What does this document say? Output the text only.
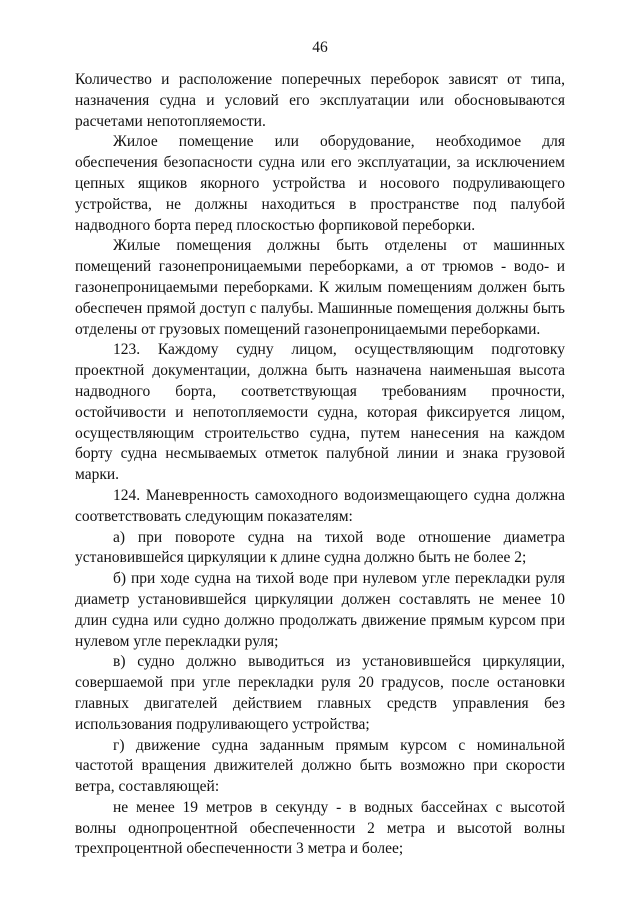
46

Количество и расположение поперечных переборок зависят от типа, назначения судна и условий его эксплуатации или обосновываются расчетами непотопляемости.

Жилое помещение или оборудование, необходимое для обеспечения безопасности судна или его эксплуатации, за исключением цепных ящиков якорного устройства и носового подруливающего устройства, не должны находиться в пространстве под палубой надводного борта перед плоскостью форпиковой переборки.

Жилые помещения должны быть отделены от машинных помещений газонепроницаемыми переборками, а от трюмов - водо- и газонепроницаемыми переборками. К жилым помещениям должен быть обеспечен прямой доступ с палубы. Машинные помещения должны быть отделены от грузовых помещений газонепроницаемыми переборками.

123. Каждому судну лицом, осуществляющим подготовку проектной документации, должна быть назначена наименьшая высота надводного борта, соответствующая требованиям прочности, остойчивости и непотопляемости судна, которая фиксируется лицом, осуществляющим строительство судна, путем нанесения на каждом борту судна несмываемых отметок палубной линии и знака грузовой марки.

124. Маневренность самоходного водоизмещающего судна должна соответствовать следующим показателям:

а) при повороте судна на тихой воде отношение диаметра установившейся циркуляции к длине судна должно быть не более 2;

б) при ходе судна на тихой воде при нулевом угле перекладки руля диаметр установившейся циркуляции должен составлять не менее 10 длин судна или судно должно продолжать движение прямым курсом при нулевом угле перекладки руля;

в) судно должно выводиться из установившейся циркуляции, совершаемой при угле перекладки руля 20 градусов, после остановки главных двигателей действием главных средств управления без использования подруливающего устройства;

г) движение судна заданным прямым курсом с номинальной частотой вращения движителей должно быть возможно при скорости ветра, составляющей:

не менее 19 метров в секунду - в водных бассейнах с высотой волны однопроцентной обеспеченности 2 метра и высотой волны трехпроцентной обеспеченности 3 метра и более;
